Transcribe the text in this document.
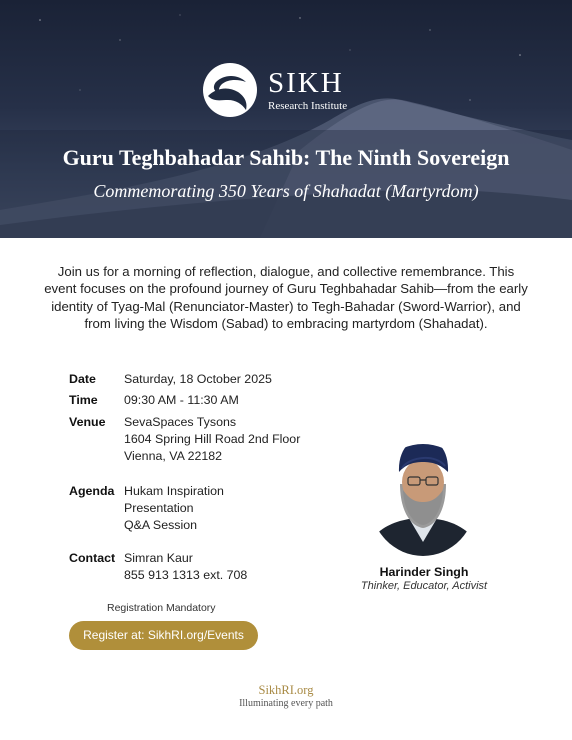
SIKH
Research Institute
Guru Teghbahadar Sahib: The Ninth Sovereign
Commemorating 350 Years of Shahadat (Martyrdom)
Join us for a morning of reflection, dialogue, and collective remembrance. This event focuses on the profound journey of Guru Teghbahadar Sahib—from the early identity of Tyag-Mal (Renunciator-Master) to Tegh-Bahadar (Sword-Warrior), and from living the Wisdom (Sabad) to embracing martyrdom (Shahadat).
Date	Saturday, 18 October 2025
Time	09:30 AM - 11:30 AM
Venue	SevaSpaces Tysons
1604 Spring Hill Road 2nd Floor
Vienna, VA 22182
Agenda Hukam Inspiration
Presentation
Q&A Session
Contact Simran Kaur
855 913 1313 ext. 708	Harinder Singh
Thinker, Educator, Activist
Registration Mandatory
Register at: SikhRI.org/Events
SikhRI.org
Illuminating every path
